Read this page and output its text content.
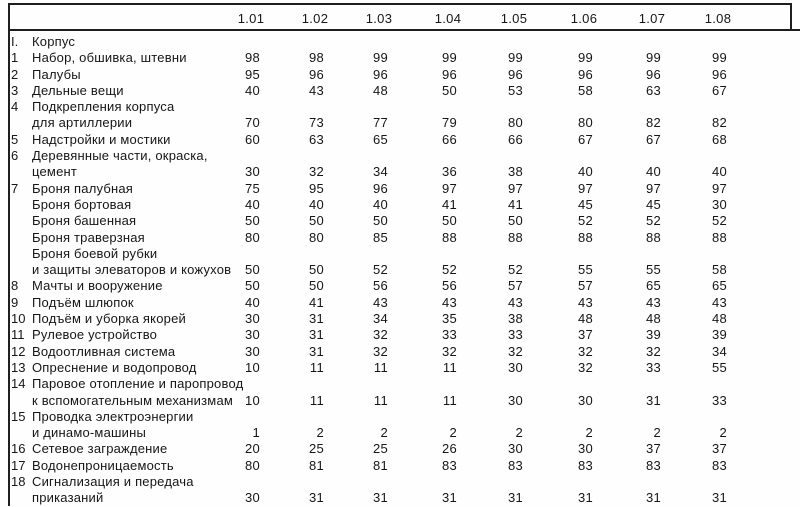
1.01	1.02	1.03	1.04	1.05	1.06	1.07	1.08
I. Корпус
1 Набор, обшивка, штевни	98	98	99	99	99	99	99	99
2 Палубы	95	96	96	96	96	96	96	96
3 Дельные вещи	40	43	48	50	53	58	63	67
4 Подкрепления корпуса
для артиллерии	70	73	77	79	80	80	82	82
5 Надстройки и мостики	60	63	65	66	66	67	67	68
6 Деревянные части, окраска,
цемент	30	32	34	36	38	40	40	40
7 Броня палубная	75	95	96	97	97	97	97	97
Броня бортовая	40	40	40	41	41	45	45	30
Броня башенная	50	50	50	50	50	52	52	52
Броня траверзная	80	80	85	88	88	88	88	88
Броня боевой рубки
и защиты элеваторов и кожухов	50	50	52	52	52	55	55	58
8 Мачты и вооружение	50	50	56	56	57	57	65	65
9 Подъём шлюпок	40	41	43	43	43	43	43	43
10 Подъём и уборка якорей	30	31	34	35	38	48	48	48
11 Рулевое устройство	30	31	32	33	33	37	39	39
12 Водоотливная система	30	31	32	32	32	32	32	34
13 Опреснение и водопровод	10	11	11	11	30	32	33	55
14 Паровое отопление и паропровод
к вспомогательным механизмам 10	11	11	11	30	30	31	33
15 Проводка электроэнергии
и динамо-машины	1	2	2	2	2	2	2	2
16 Сетевое заграждение	20	25	25	26	30	30	37	37
17 Водонепроницаемость	80	81	81	83	83	83	83	83
18 Сигнализация и передача
приказаний	30	31	31	31	31	31	31	31
